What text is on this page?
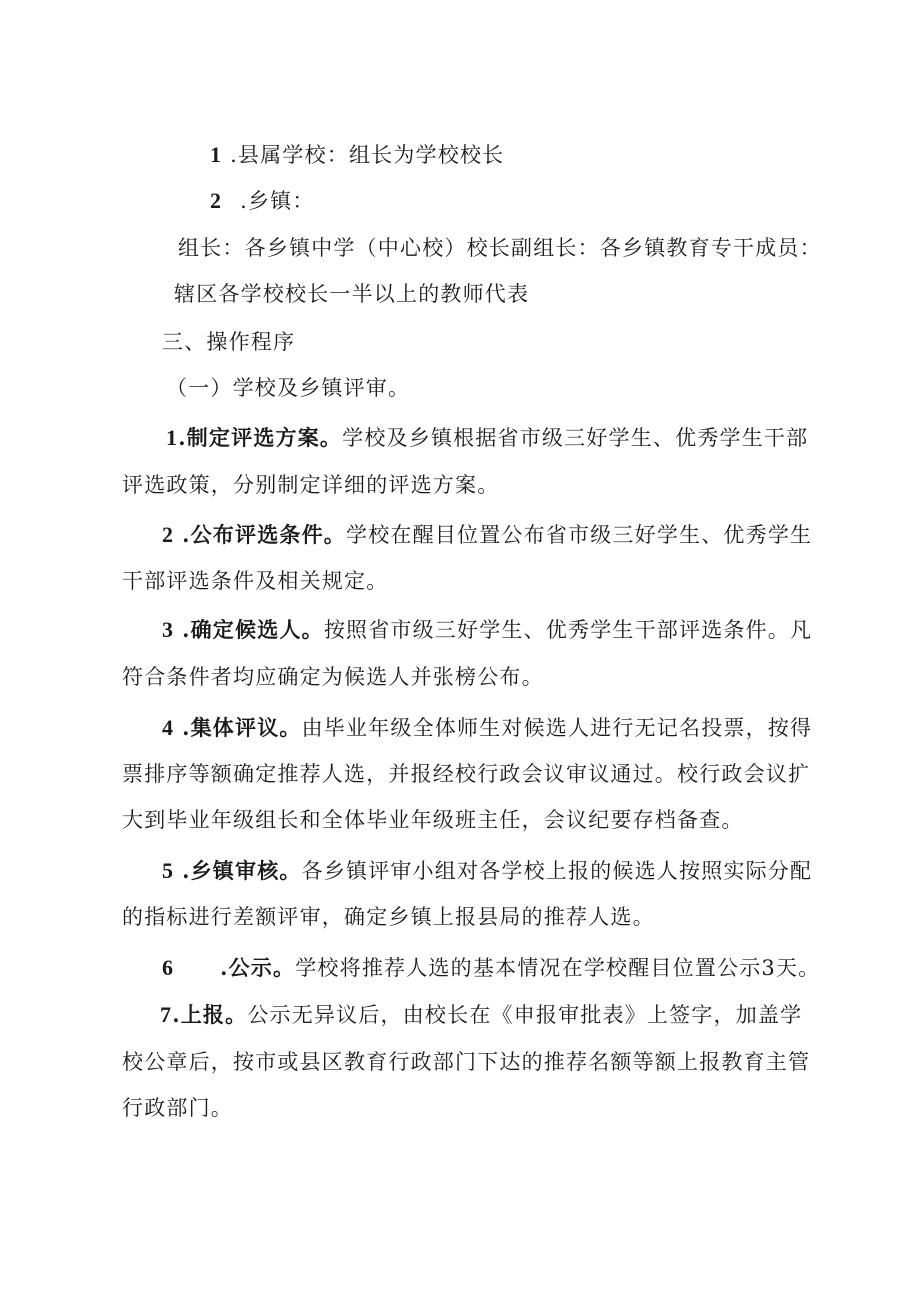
1 .县属学校：组长为学校校长
2 .乡镇：
组长：各乡镇中学（中心校）校长副组长：各乡镇教育专干成员：
辖区各学校校长一半以上的教师代表
三、操作程序
（一）学校及乡镇评审。
1.制定评选方案。学校及乡镇根据省市级三好学生、优秀学生干部
评选政策，分别制定详细的评选方案。
2 .公布评选条件。学校在醒目位置公布省市级三好学生、优秀学生
干部评选条件及相关规定。
3 .确定候选人。按照省市级三好学生、优秀学生干部评选条件。凡
符合条件者均应确定为候选人并张榜公布。
4 .集体评议。由毕业年级全体师生对候选人进行无记名投票，按得
票排序等额确定推荐人选，并报经校行政会议审议通过。校行政会议扩
大到毕业年级组长和全体毕业年级班主任，会议纪要存档备查。
5 .乡镇审核。各乡镇评审小组对各学校上报的候选人按照实际分配
的指标进行差额评审，确定乡镇上报县局的推荐人选。
6 .公示。学校将推荐人选的基本情况在学校醒目位置公示3天。
7.上报。公示无异议后，由校长在《申报审批表》上签字，加盖学
校公章后，按市或县区教育行政部门下达的推荐名额等额上报教育主管
行政部门。
